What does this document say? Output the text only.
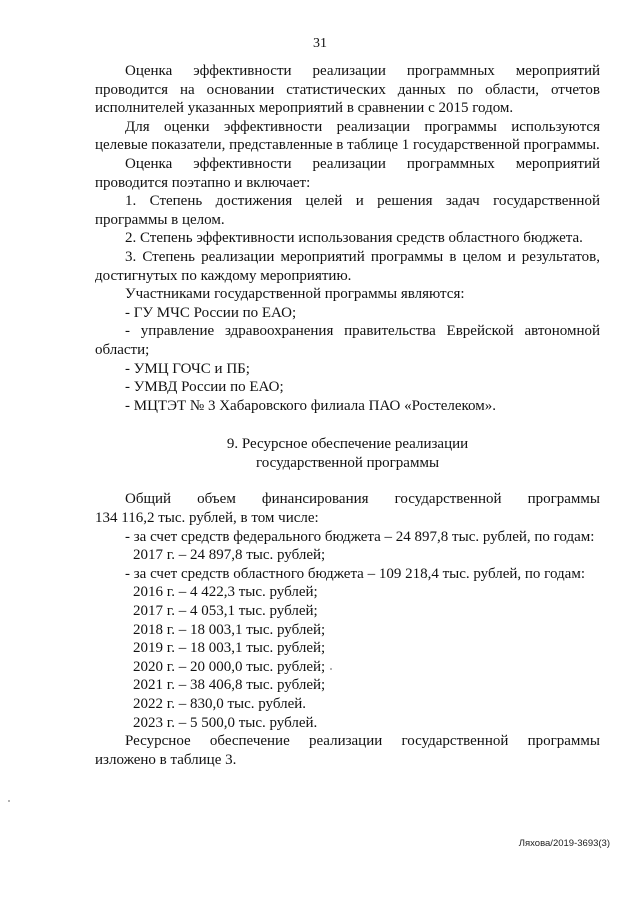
31

Оценка эффективности реализации программных мероприятий

проводится на основании статистических данных по области, отчетов исполнителей указанных мероприятий в сравнении с 2015 годом.

Для оценки эффективности реализации программы используются целевые показатели, представленные в таблице 1 государственной программы.

Оценка эффективности реализации программных мероприятий

проводится поэтапно и включает:

1. Степень достижения целей и решения задач государственной программы в целом.

2. Степень эффективности использования средств областного бюджета.

3. Степень реализации мероприятий программы в целом и результатов, достигнутых по каждому мероприятию.

Участниками государственной программы являются:

- ГУ МЧС России по ЕАО;

- управление здравоохранения правительства Еврейской автономной области;

- УМЦ ГОЧС и ПБ;

- УМВД России по ЕАО;

- МЦТЭТ № 3 Хабаровского филиала ПАО «Ростелеком».

9. Ресурсное обеспечение реализации
государственной программы

Общий объем финансирования государственной программы

134 116,2 тыс. рублей, в том числе:

- за счет средств федерального бюджета – 24 897,8 тыс. рублей, по годам:

2017 г. – 24 897,8 тыс. рублей;

- за счет средств областного бюджета – 109 218,4 тыс. рублей, по годам:

2016 г. – 4 422,3 тыс. рублей;

2017 г. – 4 053,1 тыс. рублей;

2018 г. – 18 003,1 тыс. рублей;

2019 г. – 18 003,1 тыс. рублей;

2020 г. – 20 000,0 тыс. рублей;

2021 г. – 38 406,8 тыс. рублей;

2022 г. – 830,0 тыс. рублей.

2023 г. – 5 500,0 тыс. рублей.

Ресурсное обеспечение реализации государственной программы изложено в таблице 3.

Ляхова/2019-3693(3)
